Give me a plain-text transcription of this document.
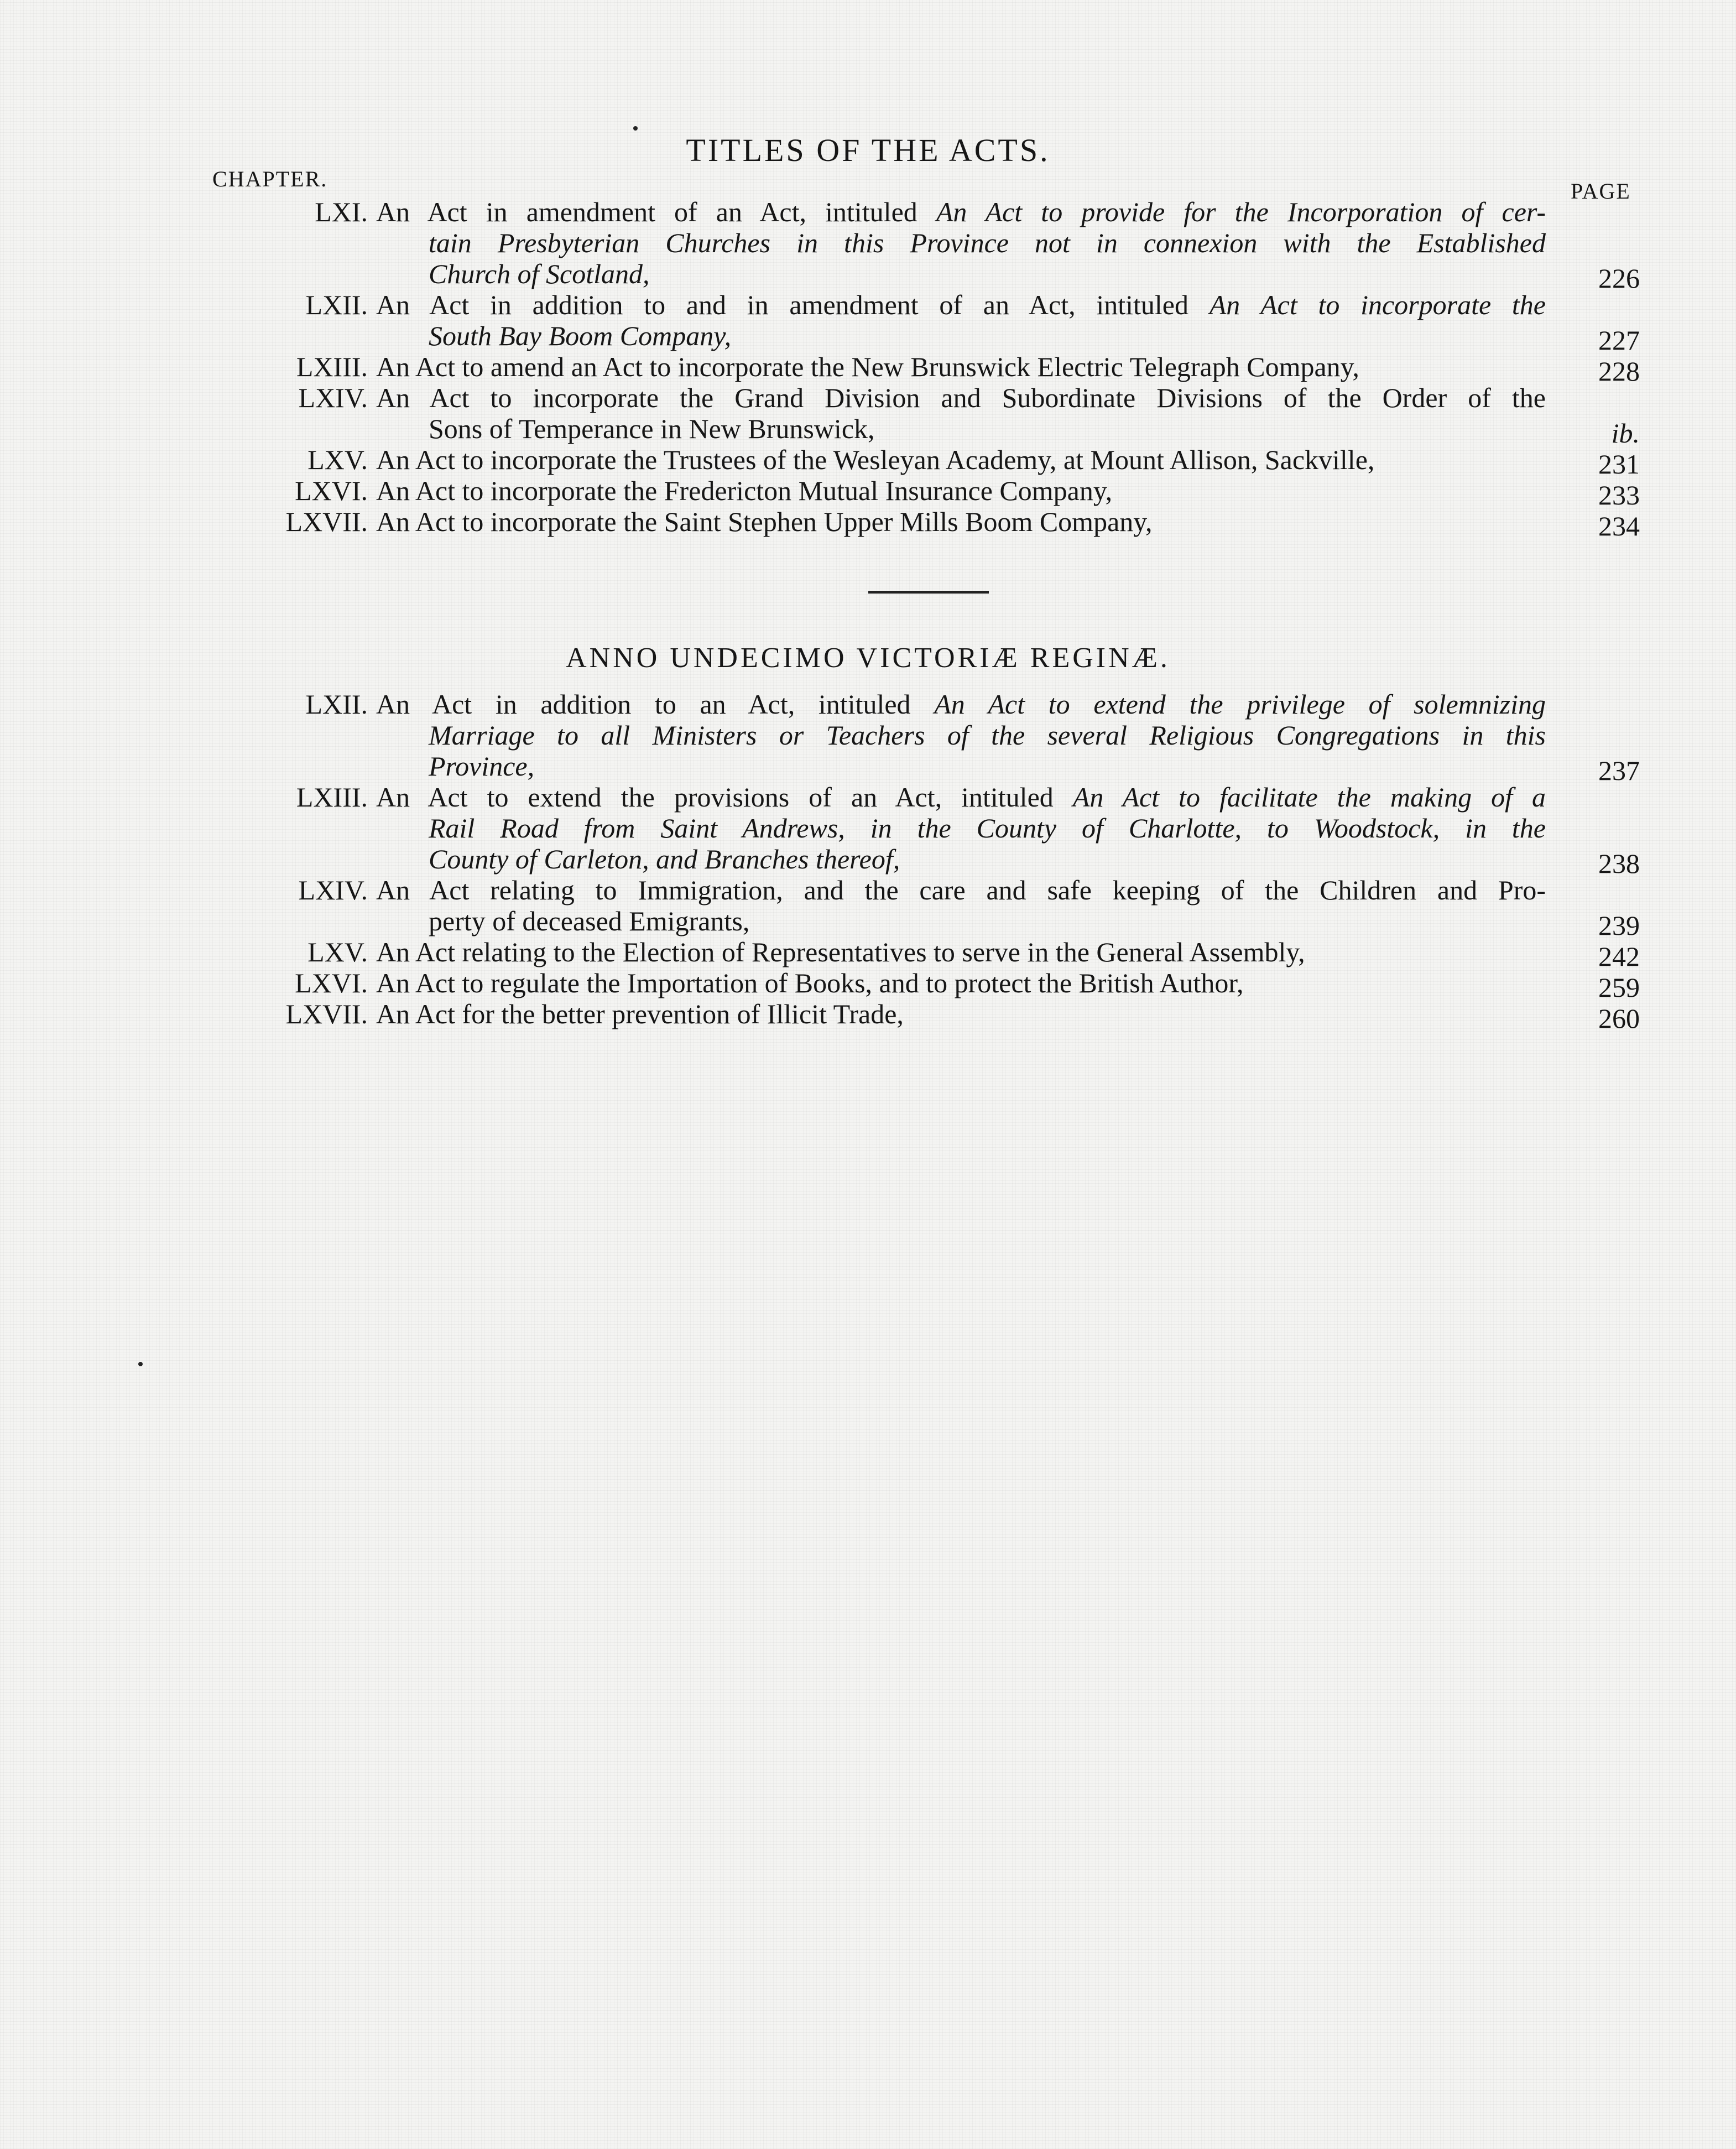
TITLES OF THE ACTS.
CHAPTER.	PAGE
LXI. An Act in amendment of an Act, intituled An Act to provide for the Incorporation of cer-
tain Presbyterian Churches in this Province not in connexion with the Established
Church of Scotland,	226
LXII. An Act in addition to and in amendment of an Act, intituled An Act to incorporate the
South Bay Boom Company,	227
LXIII. An Act to amend an Act to incorporate the New Brunswick Electric Telegraph Company,	228
LXIV. An Act to incorporate the Grand Division and Subordinate Divisions of the Order of the
Sons of Temperance in New Brunswick,	ib.
LXV. An Act to incorporate the Trustees of the Wesleyan Academy, at Mount Allison, Sackville,	231
LXVI. An Act to incorporate the Fredericton Mutual Insurance Company,	233
LXVII. An Act to incorporate the Saint Stephen Upper Mills Boom Company,	234
ANNO UNDECIMO VICTORIÆ REGINÆ.
LXII. An Act in addition to an Act, intituled An Act to extend the privilege of solemnizing
Marriage to all Ministers or Teachers of the several Religious Congregations in this
Province,	237
LXIII. An Act to extend the provisions of an Act, intituled An Act to facilitate the making of a
Rail Road from Saint Andrews, in the County of Charlotte, to Woodstock, in the
County of Carleton, and Branches thereof,	238
LXIV. An Act relating to Immigration, and the care and safe keeping of the Children and Pro-
perty of deceased Emigrants,	239
LXV. An Act relating to the Election of Representatives to serve in the General Assembly,	242
LXVI. An Act to regulate the Importation of Books, and to protect the British Author,	259
LXVII. An Act for the better prevention of Illicit Trade,	260
